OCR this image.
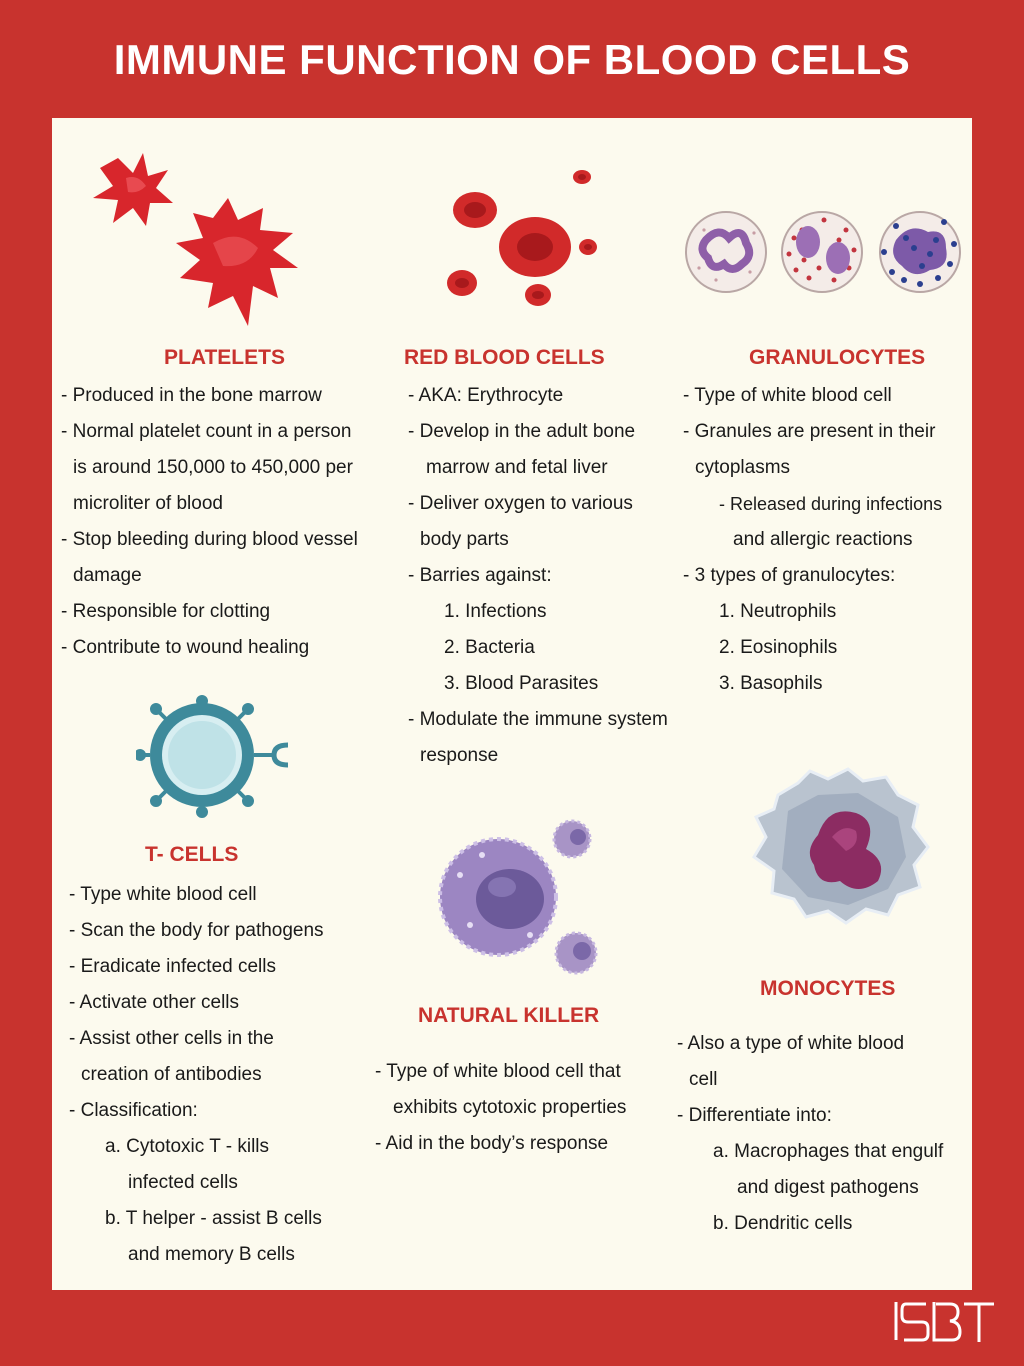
IMMUNE FUNCTION OF BLOOD CELLS
PLATELETS	RED BLOOD CELLS	GRANULOCYTES
T- CELLS
NATURAL KILLER
MONOCYTES
- Produced in the bone marrow
- Normal platelet count in a person
is around 150,000 to 450,000 per
microliter of blood
- Stop bleeding during blood vessel
damage
- Responsible for clotting
- Contribute to wound healing
- AKA: Erythrocyte
- Develop in the adult bone
marrow and fetal liver
- Deliver oxygen to various
body parts
- Barries against:
1. Infections
2. Bacteria
3. Blood Parasites
- Modulate the immune system
response
- Type of white blood cell
- Granules are present in their
cytoplasms
- Released during infections
and allergic reactions
- 3 types of granulocytes:
1. Neutrophils
2. Eosinophils
3. Basophils
- Type white blood cell
- Scan the body for pathogens
- Eradicate infected cells
- Activate other cells
- Assist other cells in the
creation of antibodies
- Classification:
a. Cytotoxic T - kills
infected cells
b. T helper - assist B cells
and memory B cells
- Type of white blood cell that
exhibits cytotoxic properties
- Aid in the body’s response
- Also a type of white blood
cell
- Differentiate into:
a. Macrophages that engulf
and digest pathogens
b. Dendritic cells
